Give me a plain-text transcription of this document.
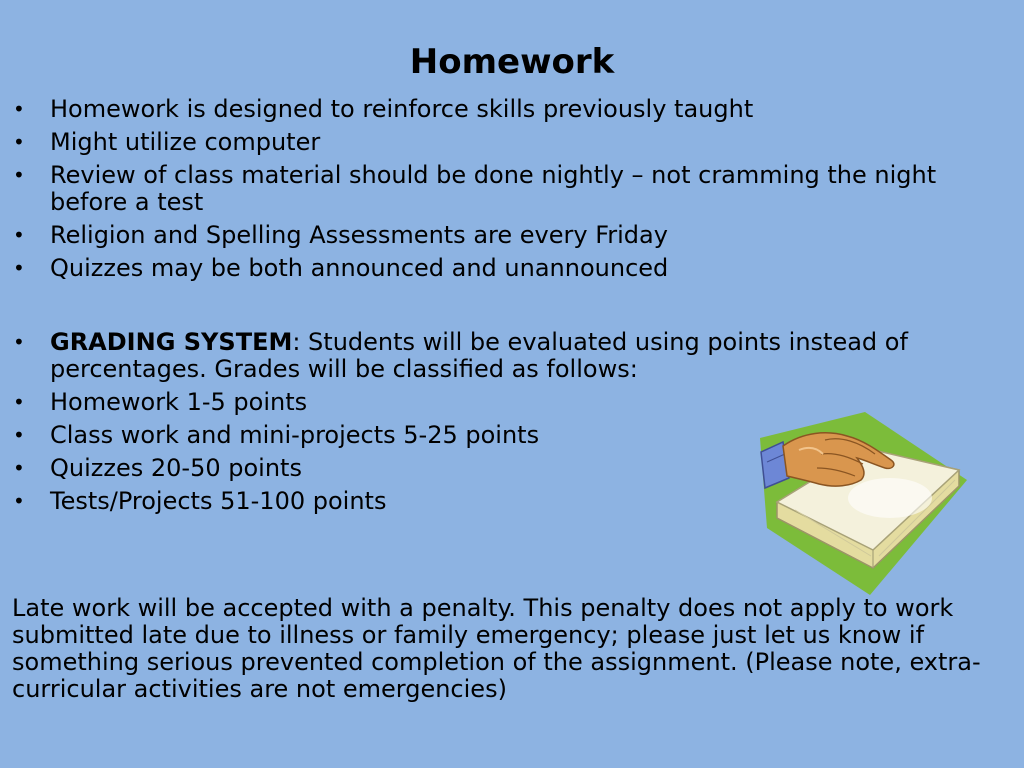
Homework
• Homework is designed to reinforce skills previously taught
• Might utilize computer
• Review of class material should be done nightly – not cramming the night before a test
• Religion and Spelling Assessments are every Friday
• Quizzes may be both announced and unannounced
• GRADING SYSTEM: Students will be evaluated using points instead of percentages. Grades will be classified as follows:
• Homework 1-5 points
• Class work and mini-projects 5-25 points
• Quizzes 20-50 points
• Tests/Projects 51-100 points
Late work will be accepted with a penalty. This penalty does not apply to work submitted late due to illness or family emergency; please just let us know if something serious prevented completion of the assignment. (Please note, extra-curricular activities are not emergencies)
